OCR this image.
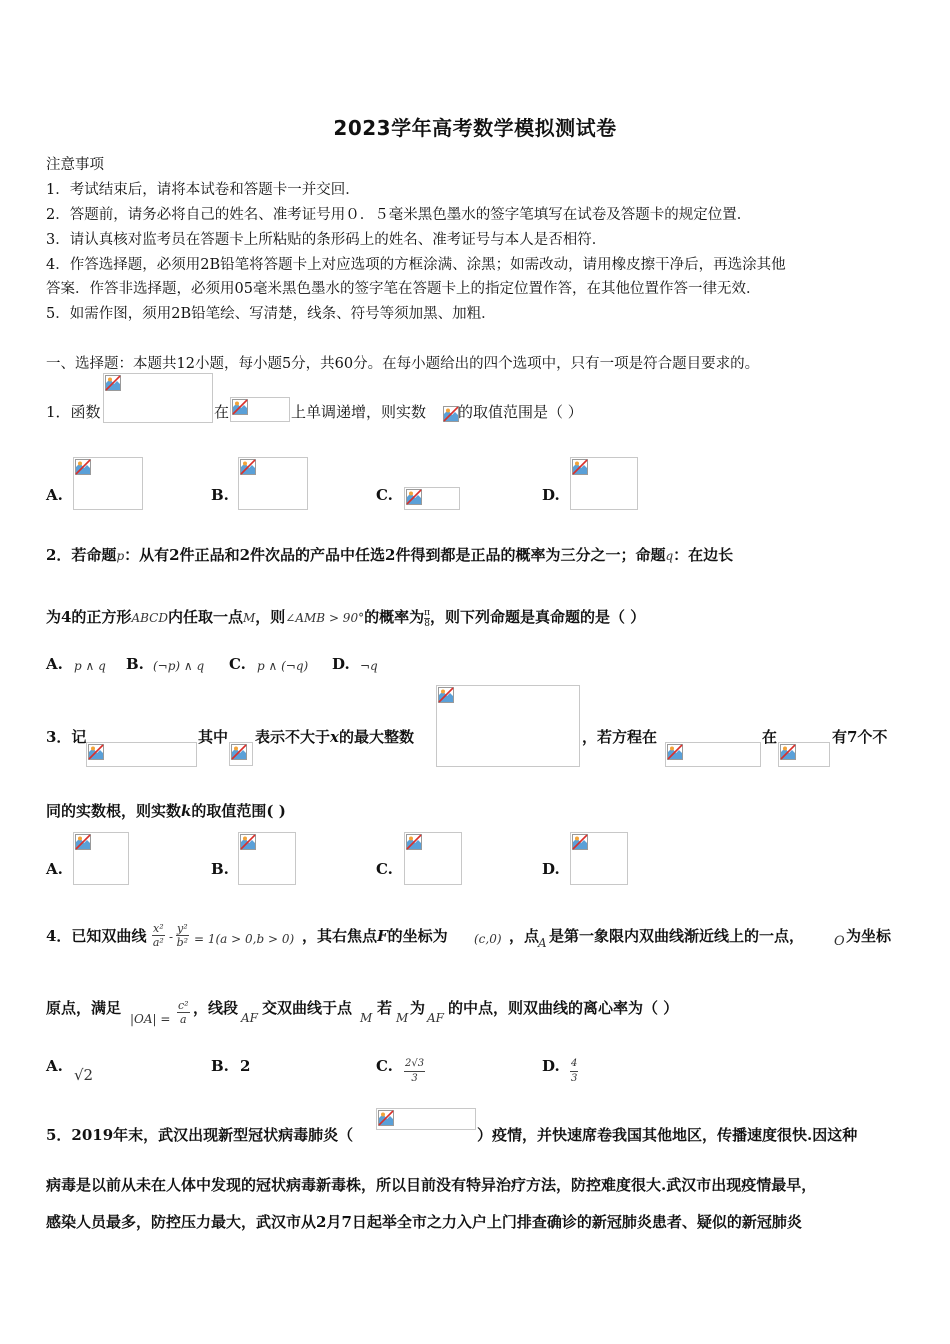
2023学年高考数学模拟测试卷
注意事项
1．考试结束后，请将本试卷和答题卡一并交回．
2．答题前，请务必将自己的姓名、准考证号用０．５毫米黑色墨水的签字笔填写在试卷及答题卡的规定位置．
3．请认真核对监考员在答题卡上所粘贴的条形码上的姓名、准考证号与本人是否相符．
4．作答选择题，必须用2B铅笔将答题卡上对应选项的方框涂满、涂黑；如需改动，请用橡皮擦干净后，再选涂其他
答案．作答非选择题，必须用05毫米黑色墨水的签字笔在答题卡上的指定位置作答，在其他位置作答一律无效．
5．如需作图，须用2B铅笔绘、写清楚，线条、符号等须加黑、加粗．
一、选择题：本题共12小题，每小题5分，共60分。在每小题给出的四个选项中，只有一项是符合题目要求的。
1．函数	在	上单调递增，则实数 的取值范围是（ ）
A.	B.	C.	D.
2．若命题p：从有2件正品和2件次品的产品中任选2件得到都是正品的概率为三分之一；命题q：在边长
为4的正方形ABCD内任取一点M，则∠AMB > 90°的概率为 $\frac{\pi}{8}$ ，则下列命题是真命题的是（ ）
A. p ∧ q B. (¬p) ∧ q C. p ∧ (¬q) D. ¬q
3．记	其中 表示不大于x的最大整数	，若方程在	在	有7个不
同的实数根，则实数k的取值范围( )
A.	B.	C.	D.
4．已知双曲线 x²
a² -
y²
b² = 1(a > 0,b > 0) ，其右焦点F的坐标为 (c,0) ，点
A 是第一象限内双曲线渐近线上的一点， O 为坐标
原点，满足
|OA| =
c²
a
，线段
AF
交双曲线于点
M
若
M
为
AF
的中点，则双曲线的离心率为（ ）
A. √2	B. 2	C. 2√3
3
D. 4
3
5．2019年末，武汉出现新型冠状病毒肺炎（	）疫情，并快速席卷我国其他地区，传播速度很快.因这种
病毒是以前从未在人体中发现的冠状病毒新毒株，所以目前没有特异治疗方法，防控难度很大.武汉市出现疫情最早，
感染人员最多，防控压力最大，武汉市从2月7日起举全市之力入户上门排查确诊的新冠肺炎患者、疑似的新冠肺炎
